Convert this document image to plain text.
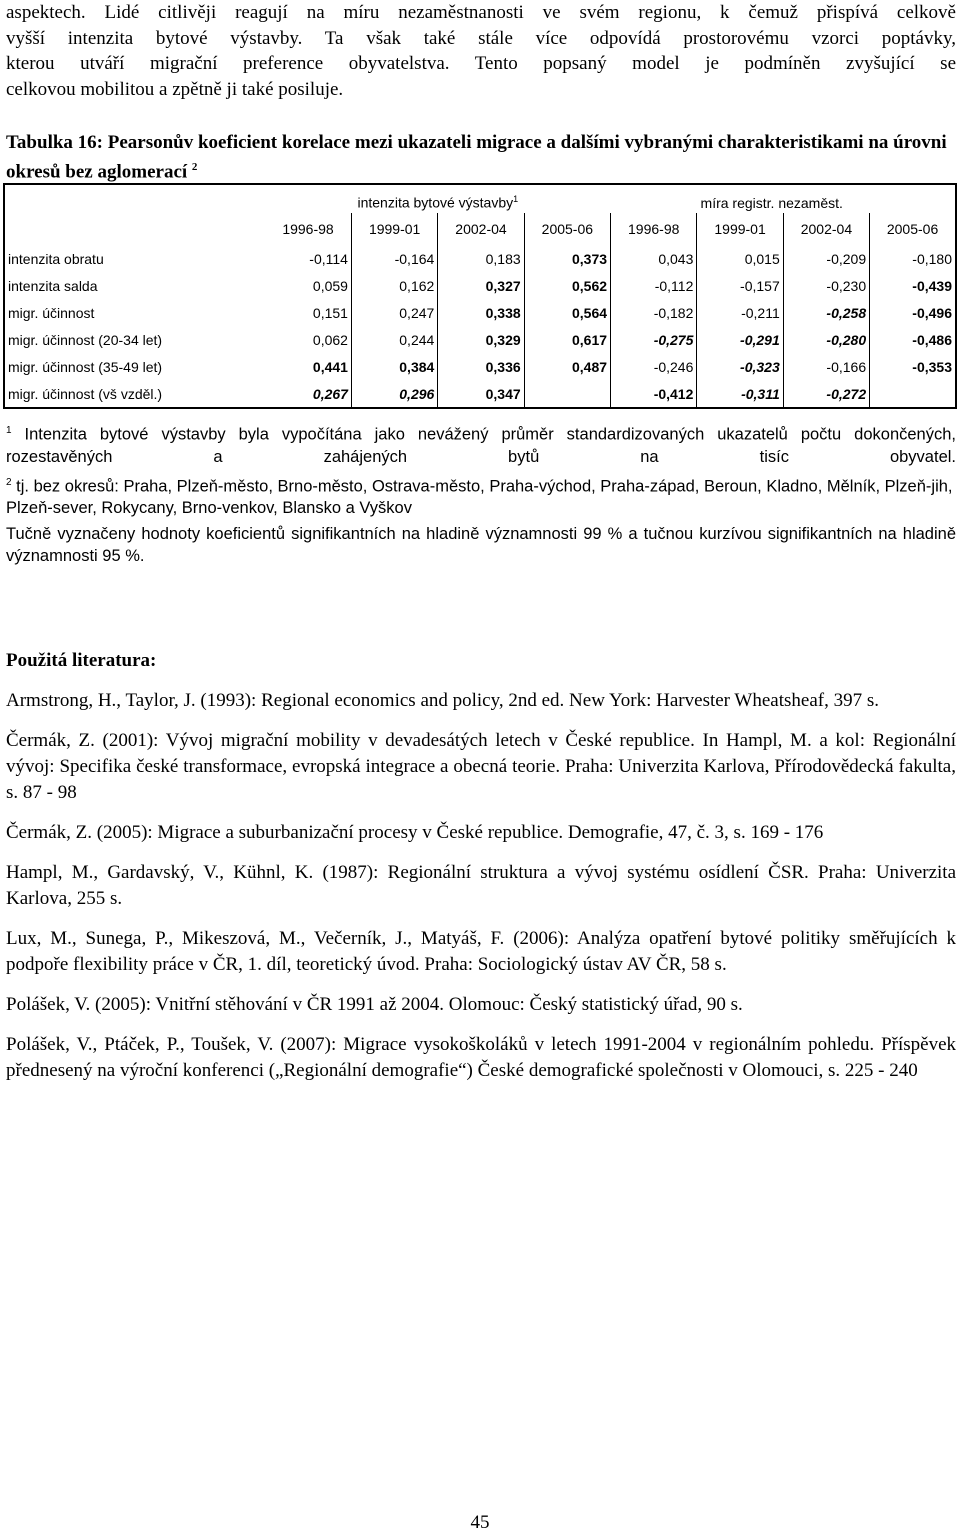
aspektech. Lidé citlivěji reagují na míru nezaměstnanosti ve svém regionu, k čemuž přispívá celkově

vyšší intenzita bytové výstavby. Ta však také stále více odpovídá prostorovému vzorci poptávky,

kterou utváří migrační preference obyvatelstva. Tento popsaný model je podmíněn zvyšující se

celkovou mobilitou a zpětně ji také posiluje.

Tabulka 16: Pearsonův koeficient korelace mezi ukazateli migrace a dalšími vybranými charakteristikami na úrovni okresů bez aglomerací $^2$
	intenzita bytové výstavby$^1$				míra registr. nezaměst.			
	1996-98	1999-01	2002-04	2005-06	1996-98	1999-01	2002-04	2005-06
intenzita obratu	-0,114	-0,164	0,183	0,373	0,043	0,015	-0,209	-0,180
intenzita salda	0,059	0,162	0,327	0,562	-0,112	-0,157	-0,230	-0,439
migr. účinnost	0,151	0,247	0,338	0,564	-0,182	-0,211	-0,258	-0,496
migr. účinnost (20-34 let)	0,062	0,244	0,329	0,617	-0,275	-0,291	-0,280	-0,486
migr. účinnost (35-49 let)	0,441	0,384	0,336	0,487	-0,246	-0,323	-0,166	-0,353
migr. účinnost (vš vzděl.)	0,267	0,296	0,347		-0,412	-0,311	-0,272	

$^1$ Intenzita bytové výstavby byla vypočítána jako nevážený průměr standardizovaných ukazatelů počtu dokončených, rozestavěných a zahájených bytů na tisíc obyvatel.

$^2$ tj. bez okresů: Praha, Plzeň-město, Brno-město, Ostrava-město, Praha-východ, Praha-západ, Beroun, Kladno, Mělník, Plzeň-jih, Plzeň-sever, Rokycany, Brno-venkov, Blansko a Vyškov

Tučně vyznačeny hodnoty koeficientů signifikantních na hladině významnosti 99 % a tučnou kurzívou signifikantních na hladině významnosti 95 %.

Použitá literatura:

Armstrong, H., Taylor, J. (1993): Regional economics and policy, 2nd ed. New York: Harvester Wheatsheaf, 397 s.

Čermák, Z. (2001): Vývoj migrační mobility v devadesátých letech v České republice. In Hampl, M. a kol: Regionální vývoj: Specifika české transformace, evropská integrace a obecná teorie. Praha: Univerzita Karlova, Přírodovědecká fakulta, s. 87 - 98

Čermák, Z. (2005): Migrace a suburbanizační procesy v České republice. Demografie, 47, č. 3, s. 169 - 176

Hampl, M., Gardavský, V., Kühnl, K. (1987): Regionální struktura a vývoj systému osídlení ČSR. Praha: Univerzita Karlova, 255 s.

Lux, M., Sunega, P., Mikeszová, M., Večerník, J., Matyáš, F. (2006): Analýza opatření bytové politiky směřujících k podpoře flexibility práce v ČR, 1. díl, teoretický úvod. Praha: Sociologický ústav AV ČR, 58 s.

Polášek, V. (2005): Vnitřní stěhování v ČR 1991 až 2004. Olomouc: Český statistický úřad, 90 s.

Polášek, V., Ptáček, P., Toušek, V. (2007): Migrace vysokoškoláků v letech 1991-2004 v regionálním pohledu. Příspěvek přednesený na výroční konferenci („Regionální demografie“) České demografické společnosti v Olomouci, s. 225 - 240

45
